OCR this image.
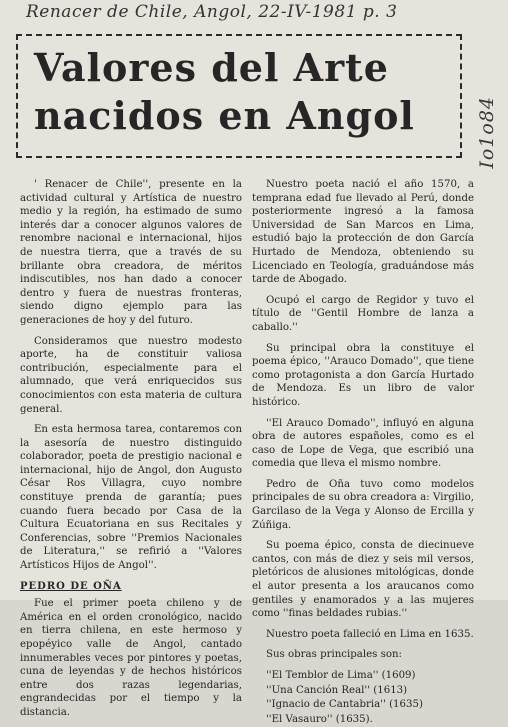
Renacer de Chile, Angol, 22-IV-1981 p. 3
Io1o84
Valores del Arte
nacidos en Angol

' Renacer de Chile'', presente en la actividad cultural y Artística de nuestro medio y la región, ha estimado de sumo interés dar a conocer algunos valores de renombre nacional e internacional, hijos de nuestra tierra, que a través de su brillante obra creadora, de méritos indiscutibles, nos han dado a conocer dentro y fuera de nuestras fronteras, siendo digno ejemplo para las generaciones de hoy y del futuro.

Consideramos que nuestro modesto aporte, ha de constituir valiosa contribución, especialmente para el alumnado, que verá enriquecidos sus conocimientos con esta materia de cultura general.

En esta hermosa tarea, contaremos con la asesoría de nuestro distinguido colaborador, poeta de prestigio nacional e internacional, hijo de Angol, don Augusto César Ros Villagra, cuyo nombre constituye prenda de garantía; pues cuando fuera becado por Casa de la Cultura Ecuatoriana en sus Recitales y Conferencias, sobre ''Premios Nacionales de Literatura,'' se refirió a ''Valores Artísticos Hijos de Angol''.

PEDRO DE OÑA

Fue el primer poeta chileno y de América en el orden cronológico, nacido en tierra chilena, en este hermoso y epopéyico valle de Angol, cantado innumerables veces por pintores y poetas, cuna de leyendas y de hechos históricos entre dos razas legendarias, engrandecidas por el tiempo y la distancia.

Nuestro poeta nació el año 1570, a temprana edad fue llevado al Perú, donde posteriormente ingresó a la famosa Universidad de San Marcos en Lima, estudió bajo la protección de don García Hurtado de Mendoza, obteniendo su Licenciado en Teología, graduándose más tarde de Abogado.

Ocupó el cargo de Regidor y tuvo el título de ''Gentil Hombre de lanza a caballo.''

Su principal obra la constituye el poema épico, ''Arauco Domado'', que tiene como protagonista a don García Hurtado de Mendoza. Es un libro de valor histórico.

''El Arauco Domado'', influyó en alguna obra de autores españoles, como es el caso de Lope de Vega, que escribió una comedia que lleva el mismo nombre.

Pedro de Oña tuvo como modelos principales de su obra creadora a: Virgilio, Garcilaso de la Vega y Alonso de Ercilla y Zúñiga.

Su poema épico, consta de diecinueve cantos, con más de diez y seis mil versos, pletóricos de alusiones mitológicas, donde el autor presenta a los araucanos como gentiles y enamorados y a las mujeres como ''finas beldades rubias.''

Nuestro poeta falleció en Lima en 1635.

Sus obras principales son:

''El Temblor de Lima'' (1609)

''Una Canción Real'' (1613)

''Ignacio de Cantabria'' (1635)

''El Vasauro'' (1635).
